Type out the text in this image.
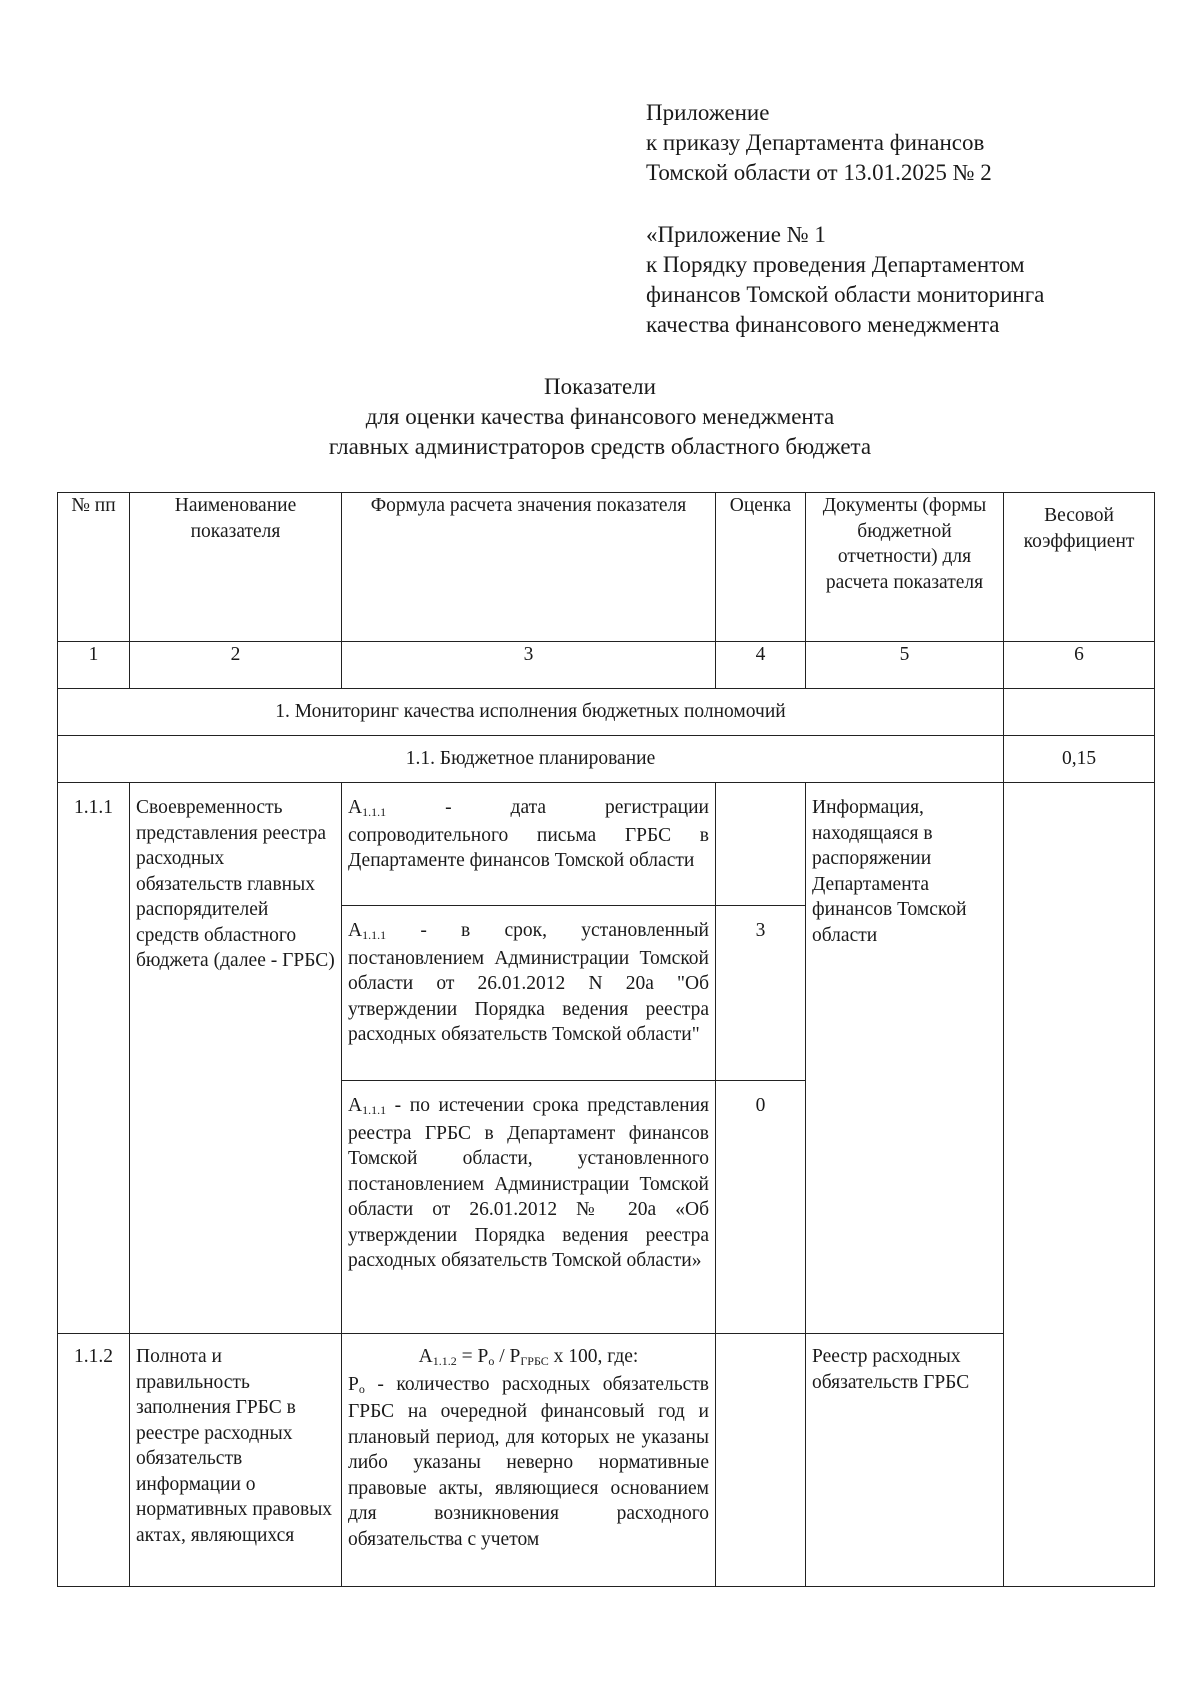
Приложение
к приказу Департамента финансов
Томской области от 13.01.2025 № 2
«Приложение № 1
к Порядку проведения Департаментом
финансов Томской области мониторинга
качества финансового менеджмента
Показатели
для оценки качества финансового менеджмента
главных администраторов средств областного бюджета
№ пп	Наименование показателя	Формула расчета значения показателя	Оценка	Документы (формы бюджетной отчетности) для расчета показателя	Весовой коэффициент
1	2	3	4	5	6
1. Мониторинг качества исполнения бюджетных полномочий					
1.1. Бюджетное планирование					0,15
1.1.1	Своевременность представления реестра расходных обязательств главных распорядителей средств областного бюджета (далее - ГРБС)	$A_{1.1.1}$ - дата регистрации сопроводительного письма ГРБС в Департаменте финансов Томской области		Информация, находящаяся в распоряжении Департамента финансов Томской области	
		$A_{1.1.1}$ - в срок, установленный постановлением Администрации Томской области от 26.01.2012 N 20а "Об утверждении Порядка ведения реестра расходных обязательств Томской области"	3		
		$A_{1.1.1}$ - по истечении срока представления реестра ГРБС в Департамент финансов Томской области, установленного постановлением Администрации Томской области от 26.01.2012 № 20а «Об утверждении Порядка ведения реестра расходных обязательств Томской области»	0		
1.1.2	Полнота и правильность заполнения ГРБС в реестре расходных обязательств информации о нормативных правовых актах, являющихся	$A_{1.1.2} = P_o / P_{ГРБС}$ x 100, где:
$P_o$ - количество расходных обязательств ГРБС на очередной финансовый год и плановый период, для которых не указаны либо указаны неверно нормативные правовые акты, являющиеся основанием для возникновения расходного обязательства с учетом		Реестр расходных обязательств ГРБС	
